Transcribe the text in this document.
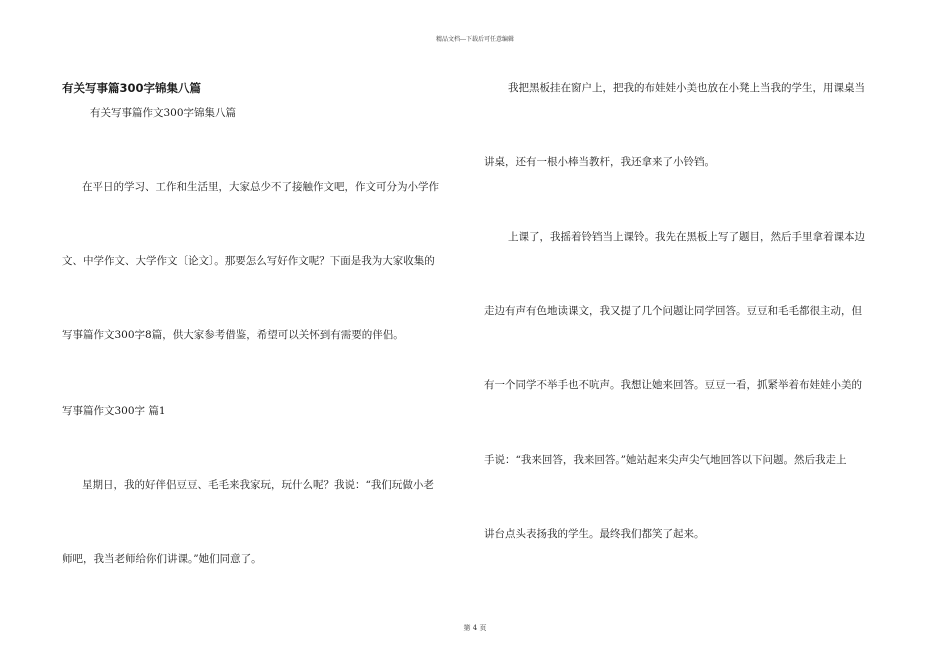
精品文档---下载后可任意编辑
有关写事篇300字锦集八篇
有关写事篇作文300字锦集八篇
在平日的学习、工作和生活里，大家总少不了接触作文吧，作文可分为小学作
文、中学作文、大学作文〔论文〕。那要怎么写好作文呢？下面是我为大家收集的
写事篇作文300字8篇，供大家参考借鉴，希望可以关怀到有需要的伴侣。
写事篇作文300字 篇1
星期日，我的好伴侣豆豆、毛毛来我家玩，玩什么呢？我说：“我们玩做小老
师吧，我当老师给你们讲课。”她们同意了。
我把黑板挂在窗户上，把我的布娃娃小美也放在小凳上当我的学生，用课桌当
讲桌，还有一根小棒当教杆，我还拿来了小铃铛。
上课了，我摇着铃铛当上课铃。我先在黑板上写了题目，然后手里拿着课本边
走边有声有色地读课文，我又提了几个问题让同学回答。豆豆和毛毛都很主动，但
有一个同学不举手也不吭声。我想让她来回答。豆豆一看，抓紧举着布娃娃小美的
手说：“我来回答，我来回答。”她站起来尖声尖气地回答以下问题。然后我走上
讲台点头表扬我的学生。最终我们都笑了起来。
第 4 页
